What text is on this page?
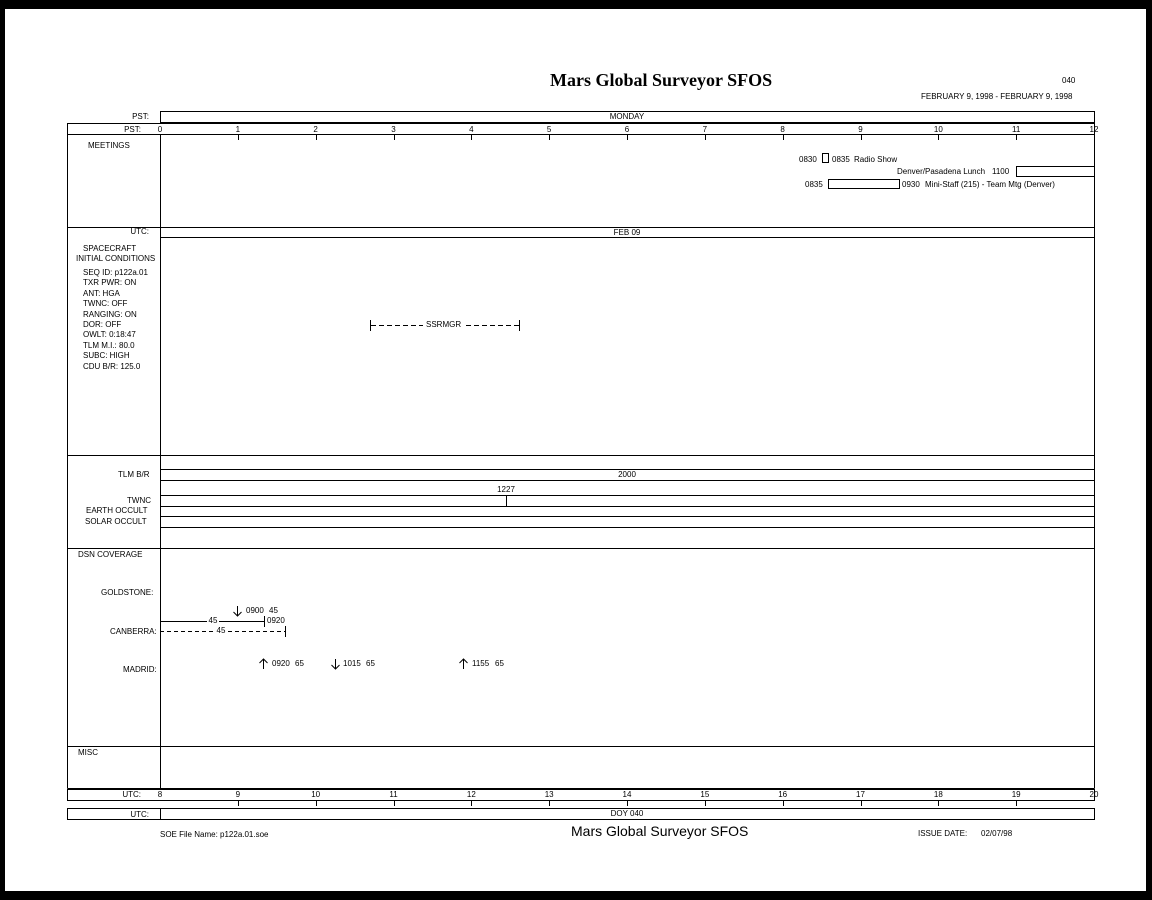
Mars Global Surveyor SFOS	040
FEBRUARY 9, 1998 - FEBRUARY 9, 1998
PST:	MONDAY
PST: 0	1	2	3	4	5	6	7	8	9	10	11	12
MEETINGS
0830 0835 Radio Show
Denver/Pasadena Lunch 1100
0835	0930 Mini-Staff (215) - Team Mtg (Denver)
UTC:	FEB 09
SPACECRAFT
INITIAL CONDITIONS
SEQ ID: p122a.01
TXR PWR: ON
ANT: HGA
TWNC: OFF
RANGING: ON
DOR: OFF
OWLT: 0:18:47
TLM M.I.: 80.0
SUBC: HIGH
CDU B/R: 125.0
SSRMGR
TLM B/R	2000
1227
TWNC
EARTH OCCULT
SOLAR OCCULT
DSN COVERAGE
GOLDSTONE:
0900 45
45	0920
CANBERRA:	45
MADRID:
0920 65	1015 65	1155 65
MISC
UTC: 8	9	10	11	12	13	14	15	16	17	18	19	20
UTC:	DOY 040
SOE File Name: p122a.01.soe	Mars Global Surveyor SFOS	ISSUE DATE: 02/07/98
